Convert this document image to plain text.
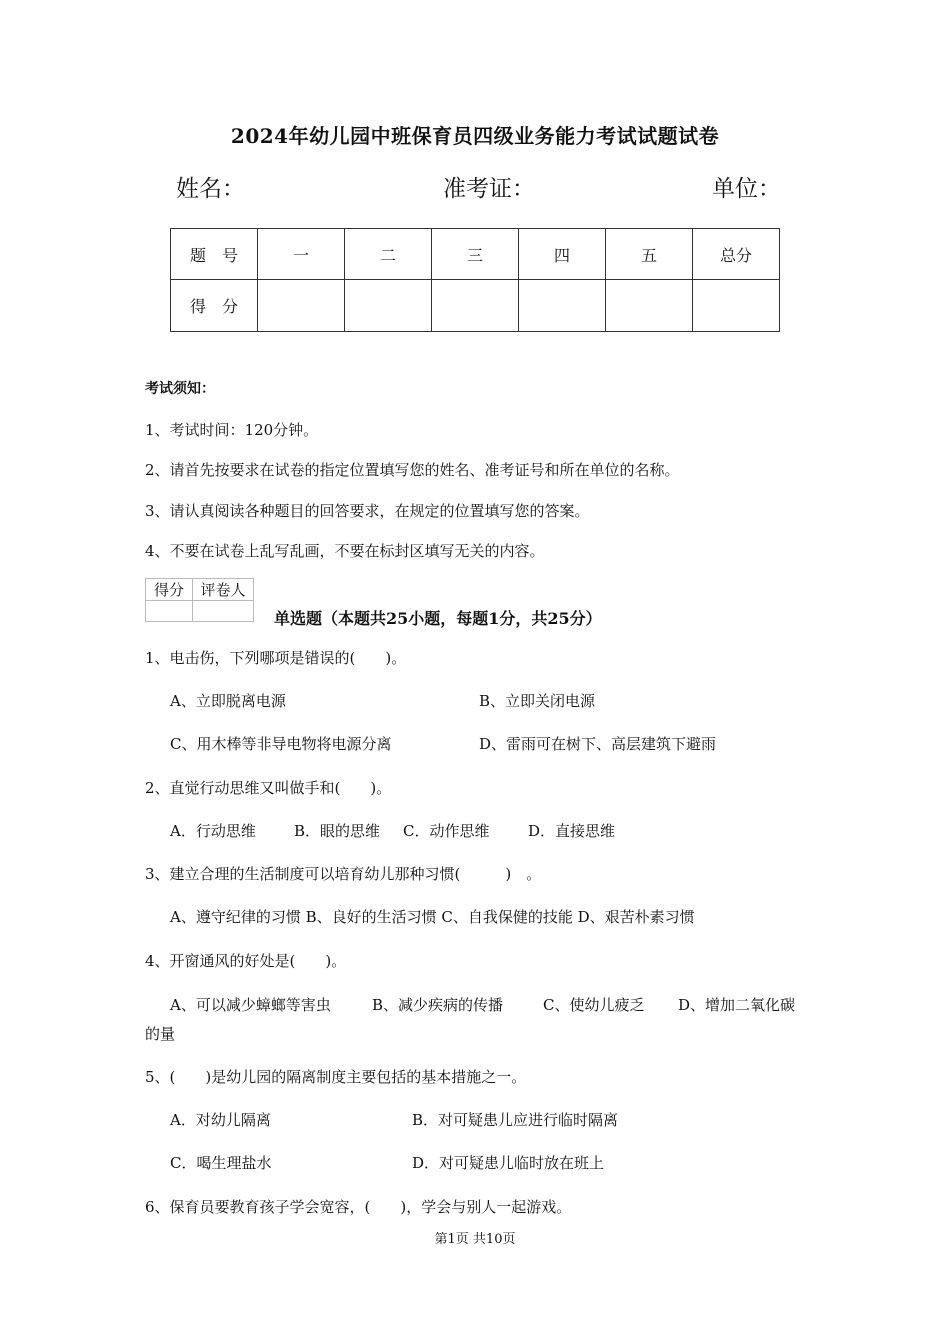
2024年幼儿园中班保育员四级业务能力考试试题试卷
姓名：	准考证：	单位：
题　号	一	二	三	四	五	总分
得　分						
考试须知：
1、考试时间：120分钟。
2、请首先按要求在试卷的指定位置填写您的姓名、准考证号和所在单位的名称。
3、请认真阅读各种题目的回答要求，在规定的位置填写您的答案。
4、不要在试卷上乱写乱画，不要在标封区填写无关的内容。
得分	评卷人

单选题（本题共25小题，每题1分，共25分）
1、电击伤，下列哪项是错误的(　　)。
A、立即脱离电源	B、立即关闭电源
C、用木棒等非导电物将电源分离	D、雷雨可在树下、高层建筑下避雨
2、直觉行动思维又叫做手和(　　)。
A．行动思维	B．眼的思维 C．动作思维	D．直接思维
3、建立合理的生活制度可以培育幼儿那种习惯(　　　)　。
A、遵守纪律的习惯 B、良好的生活习惯 C、自我保健的技能 D、艰苦朴素习惯
4、开窗通风的好处是(　　)。
A、可以减少蟑螂等害虫	B、减少疾病的传播	C、使幼儿疲乏 D、增加二氧化碳
的量
5、(　　)是幼儿园的隔离制度主要包括的基本措施之一。
A．对幼儿隔离	B．对可疑患儿应进行临时隔离
C．喝生理盐水	D．对可疑患儿临时放在班上
6、保育员要教育孩子学会宽容，(　　)，学会与别人一起游戏。
第1页 共10页
